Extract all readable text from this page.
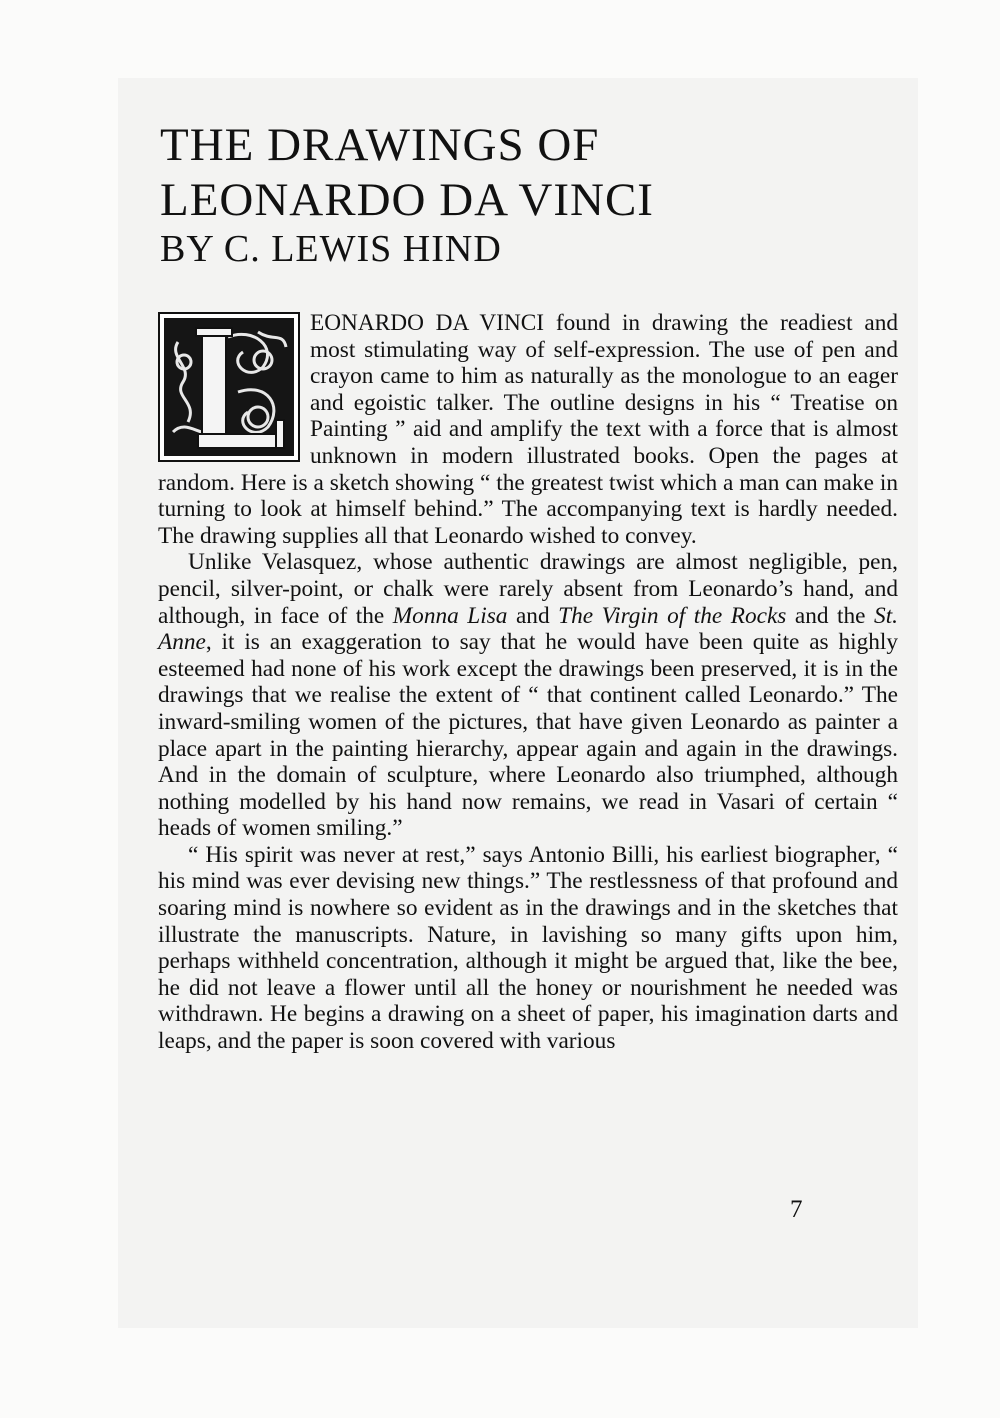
THE DRAWINGS OF
LEONARDO DA VINCI
BY C. LEWIS HIND
L

EONARDO DA VINCI found in drawing the readiest and most stimulating way of self-expression. The use of pen and crayon came to him as naturally as the monologue to an eager and egoistic talker. The outline designs in his “ Treatise on Painting ” aid and amplify the text with a force that is almost unknown in modern illustrated books. Open the pages at random. Here is a sketch showing “ the greatest twist which a man can make in turning to look at himself behind.” The accompanying text is hardly needed. The drawing supplies all that Leonardo wished to convey.

Unlike Velasquez, whose authentic drawings are almost negligible, pen, pencil, silver-point, or chalk were rarely absent from Leonardo’s hand, and although, in face of the Monna Lisa and The Virgin of the Rocks and the St. Anne, it is an exaggeration to say that he would have been quite as highly esteemed had none of his work except the drawings been preserved, it is in the drawings that we realise the extent of “ that continent called Leonardo.” The inward-smiling women of the pictures, that have given Leonardo as painter a place apart in the painting hierarchy, appear again and again in the drawings. And in the domain of sculpture, where Leonardo also triumphed, although nothing modelled by his hand now remains, we read in Vasari of certain “ heads of women smiling.”

“ His spirit was never at rest,” says Antonio Billi, his earliest biographer, “ his mind was ever devising new things.” The restlessness of that profound and soaring mind is nowhere so evident as in the drawings and in the sketches that illustrate the manuscripts. Nature, in lavishing so many gifts upon him, perhaps withheld concentration, although it might be argued that, like the bee, he did not leave a flower until all the honey or nourishment he needed was withdrawn. He begins a drawing on a sheet of paper, his imagination darts and leaps, and the paper is soon covered with various

7
